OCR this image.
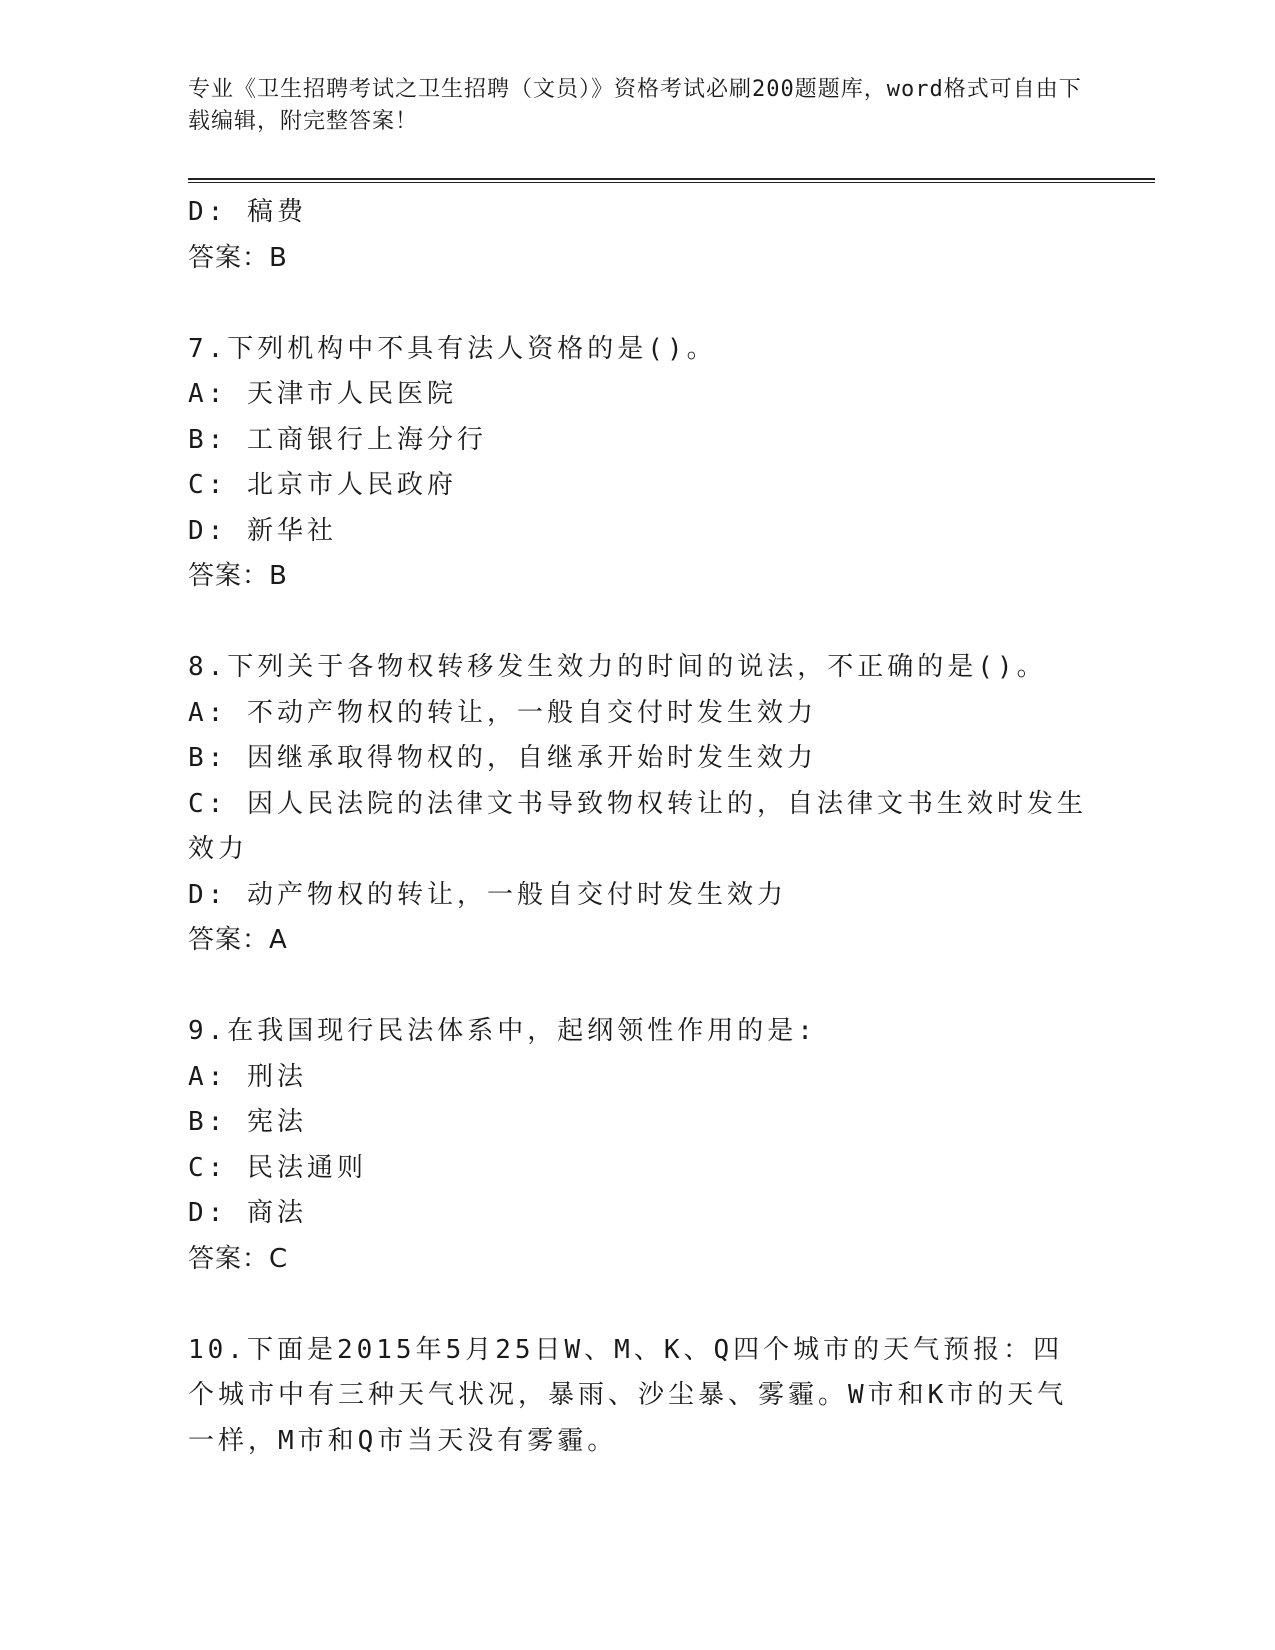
专业《卫生招聘考试之卫生招聘（文员）》资格考试必刷200题题库，word格式可自由下载编辑，附完整答案！
D: 稿费
答案：B
7.下列机构中不具有法人资格的是()。
A: 天津市人民医院
B: 工商银行上海分行
C: 北京市人民政府
D: 新华社
答案：B
8.下列关于各物权转移发生效力的时间的说法，不正确的是()。
A: 不动产物权的转让，一般自交付时发生效力
B: 因继承取得物权的，自继承开始时发生效力
C: 因人民法院的法律文书导致物权转让的，自法律文书生效时发生效力
D: 动产物权的转让，一般自交付时发生效力
答案：A
9.在我国现行民法体系中，起纲领性作用的是:
A: 刑法
B: 宪法
C: 民法通则
D: 商法
答案：C
10.下面是2015年5月25日W、M、K、Q四个城市的天气预报：四个城市中有三种天气状况，暴雨、沙尘暴、雾霾。W市和K市的天气一样，M市和Q市当天没有雾霾。
